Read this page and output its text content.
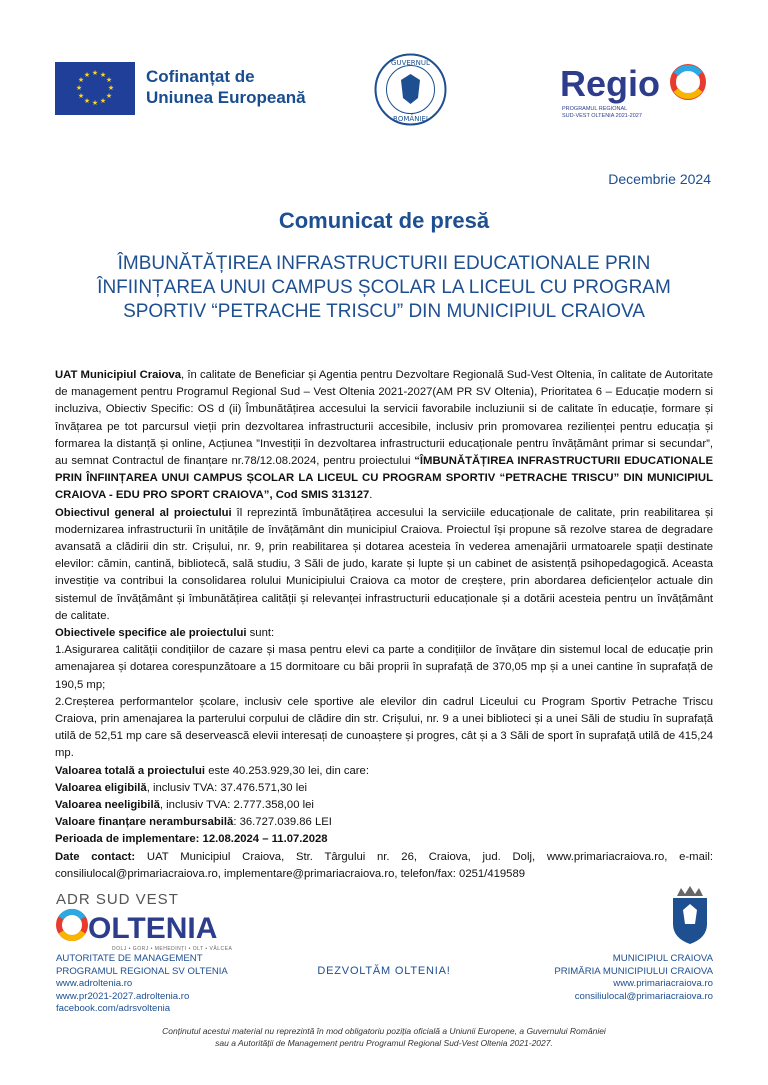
★ ★
★
★
★
★
★
★
★
★
★
★	Cofinanțat de
Uniunea Europeană
GUVERNUL
ROMÂNIEI
Regio
PROGRAMUL REGIONAL
SUD-VEST OLTENIA 2021-2027
Decembrie 2024
Comunicat de presă
ÎMBUNĂTĂȚIREA INFRASTRUCTURII EDUCATIONALE PRIN
ÎNFIINȚAREA UNUI CAMPUS ȘCOLAR LA LICEUL CU PROGRAM
SPORTIV “PETRACHE TRISCU” DIN MUNICIPIUL CRAIOVA

UAT Municipiul Craiova, în calitate de Beneficiar și Agentia pentru Dezvoltare Regională Sud-Vest Oltenia, în calitate de Autoritate de management pentru Programul Regional Sud – Vest Oltenia 2021-2027(AM PR SV Oltenia), Prioritatea 6 – Educație modern si incluziva, Obiectiv Specific: OS d (ii) Îmbunătățirea accesului la servicii favorabile incluziunii si de calitate în educație, formare și învățarea pe tot parcursul vieții prin dezvoltarea infrastructurii accesibile, inclusiv prin promovarea rezilienței pentru educația și formarea la distanță și online, Acțiunea ”Investiții în dezvoltarea infrastructurii educaționale pentru învățământ primar si secundar”, au semnat Contractul de finanțare nr.78/12.08.2024, pentru proiectului “ÎMBUNĂTĂȚIREA INFRASTRUCTURII EDUCATIONALE PRIN ÎNFIINȚAREA UNUI CAMPUS ȘCOLAR LA LICEUL CU PROGRAM SPORTIV “PETRACHE TRISCU” DIN MUNICIPIUL CRAIOVA - EDU PRO SPORT CRAIOVA”, Cod SMIS 313127.

Obiectivul general al proiectului îl reprezintă îmbunătățirea accesului la serviciile educaționale de calitate, prin reabilitarea și modernizarea infrastructurii în unitățile de învățământ din municipiul Craiova. Proiectul își propune să rezolve starea de degradare avansată a clădirii din str. Crișului, nr. 9, prin reabilitarea și dotarea acesteia în vederea amenajării urmatoarele spații destinate elevilor: cămin, cantină, bibliotecă, sală studiu, 3 Săli de judo, karate și lupte și un cabinet de asistență psihopedagogică. Aceasta investiție va contribui la consolidarea rolului Municipiului Craiova ca motor de creștere, prin abordarea deficiențelor actuale din sistemul de învățământ și îmbunătățirea calității și relevanței infrastructurii educaționale și a dotării acesteia pentru un învățământ de calitate.

Obiectivele specifice ale proiectului sunt:

1.Asigurarea calității condițiilor de cazare și masa pentru elevi ca parte a condițiilor de învățare din sistemul local de educație prin amenajarea și dotarea corespunzătoare a 15 dormitoare cu băi proprii în suprafață de 370,05 mp și a unei cantine în suprafață de 190,5 mp;

2.Creșterea performantelor școlare, inclusiv cele sportive ale elevilor din cadrul Liceului cu Program Sportiv Petrache Triscu Craiova, prin amenajarea la parterului corpului de clădire din str. Crișului, nr. 9 a unei biblioteci și a unei Săli de studiu în suprafață utilă de 52,51 mp care să deservească elevii interesați de cunoaștere și progres, cât și a 3 Săli de sport în suprafață utilă de 415,24 mp.

Valoarea totală a proiectului este 40.253.929,30 lei, din care:

Valoarea eligibilă, inclusiv TVA: 37.476.571,30 lei

Valoarea neeligibilă, inclusiv TVA: 2.777.358,00 lei

Valoare finanțare nerambursabilă: 36.727.039.86 LEI

Perioada de implementare: 12.08.2024 – 11.07.2028

Date contact: UAT Municipiul Craiova, Str. Târgului nr. 26, Craiova, jud. Dolj, www.primariacraiova.ro, e-mail: consiliulocal@primariacraiova.ro, implementare@primariacraiova.ro, telefon/fax: 0251/419589

ADR SUD VEST
OLTENIA
DOLJ • GORJ • MEHEDINȚI • OLT • VÂLCEA
AUTORITATE DE MANAGEMENT
PROGRAMUL REGIONAL SV OLTENIA
www.adroltenia.ro
www.pr2021-2027.adroltenia.ro
facebook.com/adrsvoltenia
DEZVOLTĂM OLTENIA!
MUNICIPIUL CRAIOVA
PRIMĂRIA MUNICIPIULUI CRAIOVA
www.primariacraiova.ro
consiliulocal@primariacraiova.ro
Conținutul acestui material nu reprezintă în mod obligatoriu poziția oficială a Uniunii Europene, a Guvernului României sau a Autorității de Management pentru Programul Regional Sud-Vest Oltenia 2021-2027.
